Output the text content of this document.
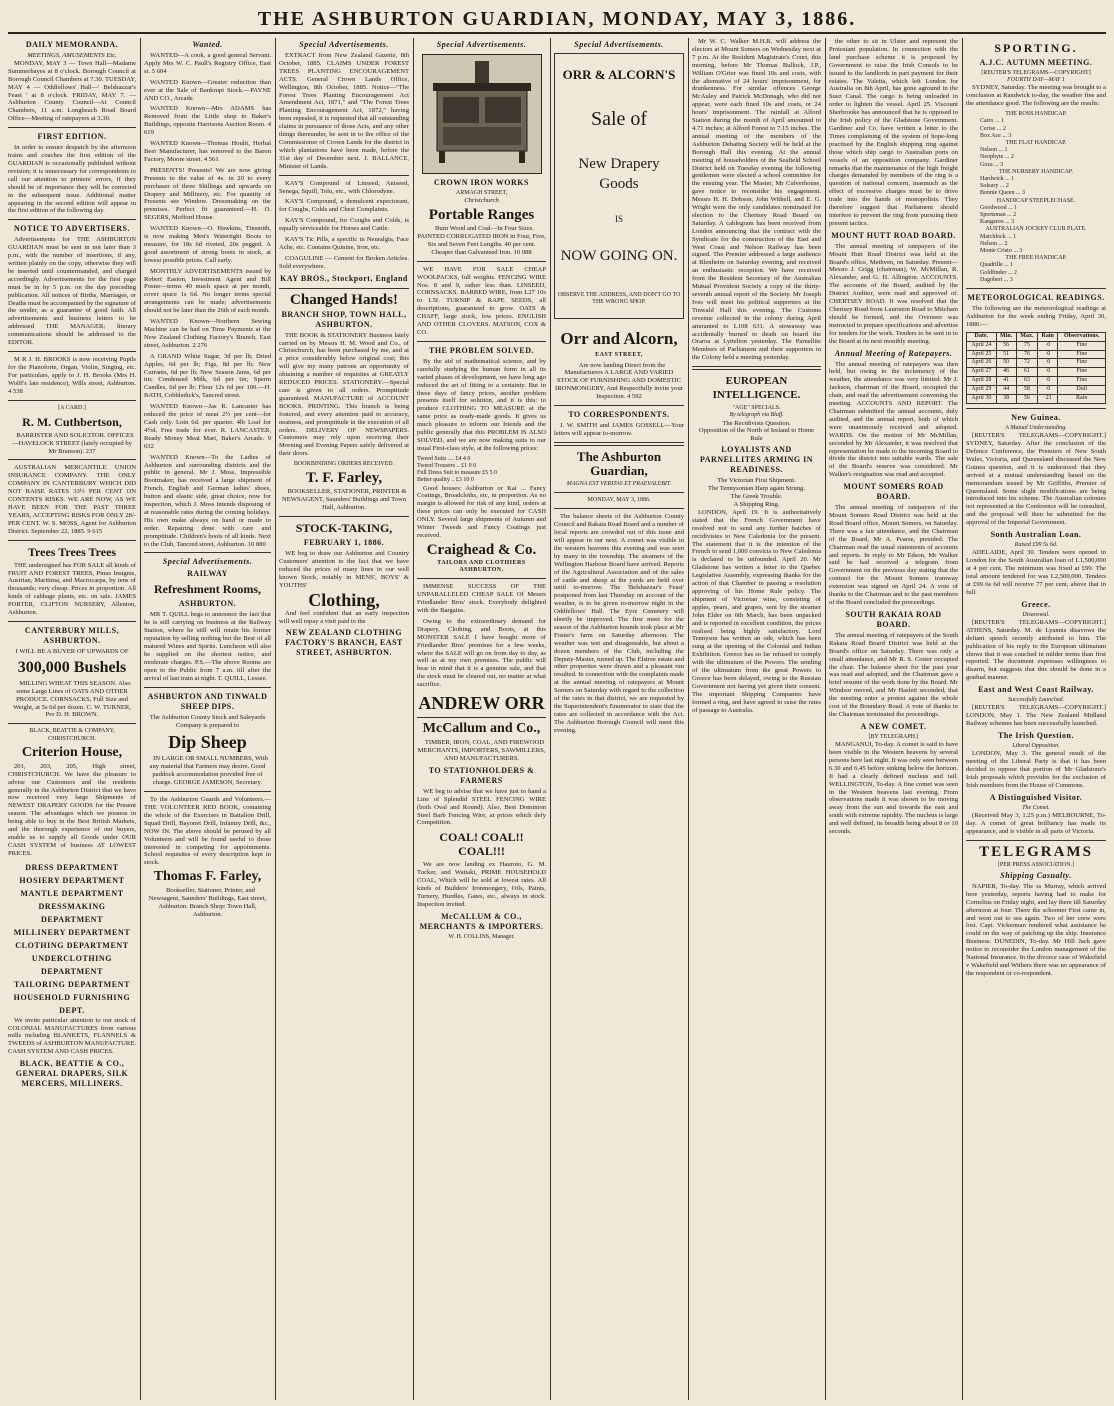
THE ASHBURTON GUARDIAN, MONDAY, MAY 3, 1886.
DAILY MEMORANDA.
MEETINGS, AMUSEMENTS Etc.
MONDAY, MAY 3 — Town Hall—Madame Summerhayes at 8 o'clock. Borough Council at Borough Council Chambers at 7.30. TUESDAY, MAY 4 — Oddfellows' Hall—' Belshazzar's Feast ' at 8 o'clock. FRIDAY, MAY 7. — Ashburton County Council—At Council Chambers, 11 a.m. Longbeach Road Board Office—Meeting of ratepayers at 3.30.
FIRST EDITION.
In order to ensure despatch by the afternoon trains and coaches the first edition of the GUARDIAN is occasionally published without revision; it is unnecessary for correspondents to call our attention to printers' errors, if they should be of importance they will be corrected in the subsequent issue. Additional matter appearing in the second edition will appear in the first edition of the following day.
NOTICE TO ADVERTISERS.
Advertisements for THE ASHBURTON GUARDIAN must be sent in not later than 3 p.m., with the number of insertions, if any, written plainly on the copy, otherwise they will be inserted until countermanded, and charged accordingly. Advertisements for the first page must be in by 5 p.m. on the day preceding publication. All notices of Births, Marriages, or Deaths must be accompanied by the signature of the sender, as a guarantee of good faith. All advertisements and business letters to be addressed THE MANAGER; literary communications should be addressed to the EDITOR.
M R J. H. BROOKS is now receiving Pupils for the Pianoforte, Organ, Violin, Singing, etc. For particulars, apply to J. H. Brooks (Mrs H. Wolff's late residence), Wills street, Ashburton. 4 538
[A CARD.]
R. M. Cuthbertson,
BARRISTER AND SOLICITOR. OFFICES—HAVELOCK STREET (lately occupied by Mr Branson). 237
AUSTRALIAN MERCANTILE UNION INSURANCE COMPANY. THE ONLY COMPANY IN CANTERBURY WHICH DID NOT RAISE RATES 33½ PER CENT ON CONTENTS RISKS. WE ARE NOW, AS WE HAVE BEEN FOR THE PAST THREE YEARS, ACCEPTING RISKS FOR ONLY 28/- PER CENT. W. S. MOSS, Agent for Ashburton District. September 22, 1885. 9 615
Trees Trees Trees
THE undersigned has FOR SALE all kinds of FRUIT AND FOREST TREES, Pinus Insignis, Austrian, Maritima, and Macrocarpa, by tens of thousands; very cheap. Prices in proportion. All kinds of cabbage plants, etc. on sale. JAMES PORTER, CLIFTON NURSERY, Allenton, Ashburton.
CANTERBURY MILLS, ASHBURTON.
I WILL BE A BUYER OF UPWARDS OF
300,000 Bushels
MILLING WHEAT THIS SEASON. Also some Large Lines of OATS AND OTHER PRODUCE. CORNSACKS, Full Size and Weight, at 5s 6d per dozen. C. W. TURNER, Per D. H. BROWN.
BLACK, BEATTIE & COMPANY, CHRISTCHURCH.
Criterion House,
201, 203, 205, High street, CHRISTCHURCH. We have the pleasure to advise our Customers and the residents generally in the Ashburton District that we have now received very large Shipments of NEWEST DRAPERY GOODS for the Present season. The advantages which we possess in being able to buy in the Best British Markets, and the thorough experience of our buyers, enable us to supply all Goods under OUR CASH SYSTEM of business AT LOWEST PRICES.
DRESS DEPARTMENT
HOSIERY DEPARTMENT
MANTLE DEPARTMENT
DRESSMAKING DEPARTMENT
MILLINERY DEPARTMENT
CLOTHING DEPARTMENT
UNDERCLOTHING DEPARTMENT
TAILORING DEPARTMENT
HOUSEHOLD FURNISHING DEPT.
We invite particular attention to our stock of COLONIAL MANUFACTURES from various mills including BLANKETS, FLANNELS & TWEEDS of ASHBURTON MANUFACTURE. CASH SYSTEM AND CASH PRICES.
BLACK, BEATTIE & CO., GENERAL DRAPERS, SILK MERCERS, MILLINERS.
Wanted.
WANTED—A cook, a good general Servant. Apply Mrs W. C. Paull's Registry Office, East st. 5 604
WANTED Known—Greater reduction than ever at the Sale of Bankrupt Stock.—PAYNE AND CO., Arcade.
WANTED Known—Mrs ADAMS has Removed from the Little shop to Baker's Buildings, opposite Harrisons Auction Room. 4 619
WANTED Known—Thomas Houlit, Herbal Beer Manufacturer, has removed to the Baron Factory, Moore street. 4 561
PRESENTS! Presents! We are now giving Presents to the value of 4s. in 20 to every purchaser of three Shillings and upwards on Drapery and Millinery, etc. For quantity of Presents see Window. Dressmaking on the premises. Perfect fit guaranteed.—H. O. SEGERS, Mofford House.
WANTED Known—O. Hawkins, Tinsmith, is now making Men's Watertight Boots to measure, for 18s 6d riveted, 20s pegged. A good assortment of strong boots in stock, at lowest possible prices. Call early.
MONTHLY ADVERTISEMENTS issued by Robert Easton, Investment Agent and Bill Poster—terms 40 much space at per month, cover space 1s 6d. No longer terms special arrangements can be made; advertisements should not be later than the 26th of each month.
WANTED Known—Northern Sewing Machine can be had on Time Payments at the New Zealand Clothing Factory's Branch, East street, Ashburton. 2 276
A GRAND White Sugar, 3d per lb; Dried Apples, 6d per lb; Figs, 8d per lb; New Currants, 6d per lb; New Season Jams, 6d per tin; Condensed Milk, 6d per tin; Sperm Candles, 6d per lb; Flour 12s 6d per 100.—H. BATH, Cobbledick's, Tancred street.
WANTED Known—Jas R. Lancaster has reduced the price of meat 2½ per cent—for Cash only. Loin 6d. per quarter. 4lb Loaf for 4½d. Free trade for ever. R. LANCASTER, Ready Money Meat Mart, Baker's Arcade. 9 632
WANTED Known—To the Ladies of Ashburton and surrounding districts and the public in general. Mr J. Moss, Impressible Bootmaker, has received a large shipment of French, English and German ladies' shoes, button and elastic side, great choice, now for inspection, which J. Moss intends disposing of at reasonable rates during the coming holidays. His own make always on hand or made to order. Repairing done with care and promptitude. Children's boots of all kinds. Next to the Club, Tancred street, Ashburton. 10 880
Special Advertisements.
RAILWAY
Refreshment Rooms,
ASHBURTON.
MR T. QUILL begs to announce the fact that he is still carrying on business at the Railway Station, where he still will retain his former reputation by selling nothing but the Best of all matured Wines and Spirits. Luncheon will also be supplied on the shortest notice, and moderate charges. P.S.—The above Rooms are open to the Public from 7 a.m. till after the arrival of last train at night. T. QUILL, Lessee.
ASHBURTON AND TINWALD SHEEP DIPS.
The Ashburton County Stock and Saleyards Company is prepared to
Dip Sheep
IN LARGE OR SMALL NUMBERS, With any material that Farmers may desire. Good paddock accommodation provided free of charge. GEORGE JAMESON, Secretary.
To the Ashburton Guards and Volunteers.—THE VOLUNTEER RED BOOK, containing the whole of the Exercises in Battalion Drill, Squad Drill, Bayonet Drill, Infantry Drill, &c., NOW IN. The above should be perused by all Volunteers and will be found useful to those interested in competing for appointments. School requisites of every description kept in stock.
Thomas F. Farley,
Bookseller, Stationer, Printer, and Newsagent, Saunders' Buildings, East street, Ashburton. Branch Shop: Town Hall, Ashburton.
Special Advertisements.
EXTRACT from New Zealand Gazette, 8th October, 1885. CLAIMS UNDER FOREST TREES PLANTING ENCOURAGEMENT ACTS. General Crown Lands Office, Wellington, 8th October, 1885. Notice—"The Forest Trees Planting Encouragement Act Amendment Act, 1871," and "The Forest Trees Planting Encouragement Act, 1872," having been repealed, it is requested that all outstanding claims in pursuance of those Acts, and any other things thereunder, be sent in to the office of the Commissioner of Crown Lands for the district in which plantations have been made, before the 31st day of December next. J. BALLANCE, Minister of Lands.
KAY'S Compound of Linseed, Aniseed, Senega, Squill, Tolu, etc., with Chlorodyne.
KAY'S Compound, a demulcent expectorant, for Coughs, Colds and Chest Complaints.
KAY'S Compound, for Coughs and Colds, is equally serviceable for Horses and Cattle.
KAY'S Tic Pills, a specific in Neuralgia, Face Ache, etc. Contains Quinine, Iron, etc.
COAGULINE — Cement for Broken Articles. Sold everywhere.
KAY BROS., Stockport, England
Changed Hands!
BRANCH SHOP, TOWN HALL, ASHBURTON.
THE BOOK & STATIONERY Business lately carried on by Messrs H. M. Wood and Co., of Christchurch, has been purchased by me, and at a price considerably below original cost; this will give my many patrons an opportunity of obtaining a number of requisites at GREATLY REDUCED PRICES. STATIONERY.—Special care is given to all orders. Promptitude guaranteed. MANUFACTURE of ACCOUNT BOOKS. PRINTING. This branch is being fostered, and every attention paid to accuracy, neatness, and promptitude in the execution of all orders. DELIVERY OF NEWSPAPERS. Customers may rely upon receiving their Morning and Evening Papers safely delivered at their doors.
BOOKBINDING ORDERS RECEIVED.
T. F. Farley,
BOOKSELLER, STATIONER, PRINTER & NEWSAGENT, Saunders' Buildings and Town Hall, Ashburton.
STOCK-TAKING,
FEBRUARY 1, 1886.
WE beg to draw our Ashburton and Country Customers' attention to the fact that we have reduced the prices of many lines in our well known Stock, notably in MENS', BOYS' & YOUTHS'
Clothing,
And feel confident that an early inspection will well repay a visit paid to the
NEW ZEALAND CLOTHING FACTORY'S BRANCH, EAST STREET, ASHBURTON.
Special Advertisements.
CROWN IRON WORKS
ARMAGH STREET,
Christchurch
Portable Ranges
Burn Wood and Coal—In Four Sizes. PAINTED CORRUGATED IRON in Four, Five, Six and Seven Feet Lengths. 40 per cent. Cheaper than Galvanised Iron. 10 988
WE HAVE FOR SALE CHEAP WOOLPACKS, full weights. FENCING WIRE Nos. 8 and 9, rather less than. LINSEED, CORNSACKS. BARBED WIRE, from L27 10s to L5f. TURNIP & RAPE SEEDS, all descriptions, guaranteed to grow. OATS & CHAFF, large stock, low prices. ENGLISH AND OTHER CLOVERS. MATSON, COX & CO.
THE PROBLEM SOLVED.
By the aid of mathematical science, and by carefully studying the human form in all its varied phases of development, we have long ago reduced the art of fitting to a certainty. But in these days of fancy prices, another problem presents itself for solution, and it is this: to produce CLOTHING TO MEASURE at the same price as ready-made goods. It gives us much pleasure to inform our friends and the public generally that this PROBLEM IS ALSO SOLVED, and we are now making suits to our usual First-class style, at the following prices:
Tweed Suits .... £4 4 0
Tweed Trousers .. £1 0 0
Full Dress Suit to measure £5 5 0
Better quality .. £3 10 0
Good houses: Ashburton or Kai ... Fancy Coatings, Broadcloths, etc, in proportion. As no margin is allowed for risk of any kind, orders at these prices can only be executed for CASH ONLY. Several large shipments of Autumn and Winter Tweeds and Fancy Coatings just received.
Craighead & Co.
TAILORS AND CLOTHIERS ASHBURTON.
IMMENSE SUCCESS OF THE UNPARALLELED CHEAP SALE Of Messrs Friedlander Bros' stock. Everybody delighted with the Bargains.
Owing to the extraordinary demand for Drapery, Clothing, and Boots, at this MONSTER SALE I have bought more of Friedlander Bros' premises for a few weeks, where the SALE will go on from day to day, as well as at my own premises. The public will bear in mind that it is a genuine sale, and that the stock must be cleared out, no matter at what sacrifice.
ANDREW ORR
McCallum and Co.,
TIMBER, IRON, COAL, AND FIREWOOD MERCHANTS, IMPORTERS, SAWMILLERS, AND MANUFACTURERS.
TO STATIONHOLDERS & FARMERS
WE beg to advise that we have just to hand a Line of Splendid STEEL FENCING WIRE (both Oval and Round). Also, Best Dominion Steel Barb Fencing Wire, at prices which defy Competition.
COAL! COAL!! COAL!!!
We are now landing ex Hauroto, G. M. Tucker, and Waitaki, PRIME HOUSEHOLD COAL, Which will be sold at lowest rates. All kinds of Builders' Ironmongery, Oils, Paints, Turnery, Hurdles, Gates, etc., always in stock. Inspection invited.
McCALLUM & CO., MERCHANTS & IMPORTERS.
W. H. COLLINS, Manager.
Special Advertisements.
ORR & ALCORN'S
Sale of
New Drapery Goods
IS
NOW GOING ON.
OBSERVE THE ADDRESS, AND DON'T GO TO THE WRONG SHOP.
Orr and Alcorn,
EAST STREET,
Are now landing Direct from the Manufacturers A LARGE AND VARIED STOCK OF FURNISHING AND DOMESTIC IRONMONGERY, And Respectfully invite your Inspection. 4 592
TO CORRESPONDENTS.
J. W. SMITH and JAMES GOSSELL—Your letters will appear to-morrow.
The Ashburton Guardian,
MAGNA EST VERITAS ET PRAEVALEBIT.
MONDAY, MAY 3, 1886.
The balance sheets of the Ashburton County Council and Rakaia Road Board and a number of local reports are crowded out of this issue and will appear in our next. A comet was visible in the western heavens this evening and was seen by many in the township. The steamers of the Wellington Harbour Board have arrived. Reports of the Agricultural Association and of the sales of cattle and sheep at the yards are held over until to-morrow. The 'Belshazzar's Feast' postponed from last Thursday on account of the weather, is to be given to-morrow night in the Oddfellows' Hall. The Eyre Cemetery will shortly be improved. The first meet for the season of the Ashburton hounds took place at Mr Foster's farm on Saturday afternoon. The weather was wet and disagreeable, but about a dozen members of the Club, including the Deputy-Master, turned up. The Elstree estate and other properties were drawn and a pleasant run resulted. In connection with the complaints made at the annual meeting of ratepayers at Mount Somers on Saturday with regard to the collection of the rates in that district, we are requested by the Superintendent's Enumerator to state that the rates are collected in accordance with the Act. The Ashburton Borough Council will meet this evening.
Mr W. C. Walker M.H.R. will address the electors at Mount Somers on Wednesday next at 7 p.m. At the Resident Magistrate's Court, this morning, before Mr Thomas Bullock, J.P., William O'Grier was fined 10s and costs, with the alternative of 24 hours' imprisonment, for drunkenness. For similar offences George McAuley and Patrick McDonagh, who did not appear, were each fined 10s and costs, or 24 hours' imprisonment. The rainfall at Alford Station during the month of April amounted to 4.71 inches; at Alford Forest to 7.15 inches. The annual meeting of the members of the Ashburton Debating Society will be held at the Borough Hall this evening. At the annual meeting of householders of the Seafield School District held on Tuesday evening the following gentlemen were elected a school committee for the ensuing year. The Master, Mr Culverhouse, gave notice to reconsider his engagement. Messrs H. H. Dobson, John Withell, and E. G. Wright were the only candidates nominated for election to the Chertsey Road Board on Saturday. A cablegram has been received from London announcing that the contract with the Syndicate for the construction of the East and West Coast and Nelson Railway has been signed. The Premier addressed a large audience at Blenheim on Saturday evening, and received an enthusiastic reception. We have received from the Resident Secretary of the Australian Mutual Provident Society a copy of the thirty-seventh annual report of the Society. Mr Joseph Ives will meet his political supporters at the Tinwald Hall this evening. The Customs revenue collected in the colony during April amounted to L108 631. A stowaway was accidentally burned to death on board the Oraroa at Lyttelton yesterday. The Parnellite Members of Parliament and their supporters in the Colony held a meeting yesterday.
EUROPEAN INTELLIGENCE.
"AGE" SPECIALS.
By telegraph via Bluff.
The Recidivists Question.
Opposition of the North of Ireland to Home Rule
LOYALISTS AND PARNELLITES ARMING IN READINESS.
The Victorian First Shipment.
The Tennysonian Harp again Strung.
The Greek Trouble.
A Shipping Ring.
LONDON, April 19. It is authoritatively stated that the French Government have resolved not to send any further batches of recidivistes to New Caledonia for the present. The statement that it is the intention of the French to send 1,000 convicts to New Caledonia is declared to be unfounded. April 20. Mr Gladstone has written a letter to the Quebec Legislative Assembly, expressing thanks for the action of that Chamber in passing a resolution approving of his Home Rule policy. The shipment of Victorian wine, consisting of apples, pears, and grapes, sent by the steamer John Elder on 6th March, has been unpacked and is reported in excellent condition, the prices realised being highly satisfactory. Lord Tennyson has written an ode, which has been sung at the opening of the Colonial and Indian Exhibition. Greece has so far refused to comply with the ultimatum of the Powers. The sending of the ultimatum from the great Powers to Greece has been delayed, owing to the Russian Government not having yet given their consent. The important Shipping Companies have formed a ring, and have agreed to raise the rates of passage to Australia.
the other to sit in Ulster and represent the Protestant population. In connection with the land purchase scheme it is proposed by Government to raise the Irish Consols to be issued to the landlords in part payment for their estates. The Valetta, which left London for Australia on 8th April, has gone aground in the Suez Canal. The cargo is being unloaded in order to lighten the vessel. April 25. Viscount Sherbrooke has announced that he is opposed to the Irish policy of the Gladstone Government. Gardiner and Co. have written a letter to the Times complaining of the system of hope-long practised by the English shipping ring against those which ship cargo to Australian ports on vessels of an opposition company. Gardiner remarks that the maintenance of the high freight charges demanded by members of the ring is a question of national concern, inasmuch as the effect of excessive charges must be to drive trade into the hands of monopolists. They therefore suggest that Parliament should interfere to prevent the ring from pursuing their present tactics.
MOUNT HUTT ROAD BOARD.
The annual meeting of ratepayers of the Mount Hutt Road District was held at the Board's office, Methven, on Saturday. Present—Messrs J. Grigg (chairman), W. McMillan, R. Alexander, and G. H. Allington. ACCOUNTS. The accounts of the Board, audited by the District Auditor, were read and approved of. CHERTSEY ROAD. It was resolved that the Chertsey Road from Lauriston Road to Mitcham should be formed, and the Overseer was instructed to prepare specifications and advertise for tenders for the work. Tenders to be sent in to the Board at its next monthly meeting.
Annual Meeting of Ratepayers.
The annual meeting of ratepayers was then held, but owing to the inclemency of the weather, the attendance was very limited. Mr J. Jackson, chairman of the Board, occupied the chair, and read the advertisement convening the meeting. ACCOUNTS AND REPORT. The Chairman submitted the annual accounts, duly audited, and the annual report, both of which were unanimously received and adopted. WARDS. On the motion of Mr McMillan, seconded by Mr Alexander, it was resolved that representation be made to the incoming Board to divide the district into suitable wards. The sale of the Board's reserve was considered. Mr Walker's resignation was read and accepted.
MOUNT SOMERS ROAD BOARD.
The annual meeting of ratepayers of the Mount Somers Road District was held at the Road Board office, Mount Somers, on Saturday. There was a fair attendance, and the Chairman of the Board, Mr A. Pearse, presided. The Chairman read the usual statements of accounts and reports. In reply to Mr Edson, Mr Walker said he had received a telegram from Government on the previous day stating that the contract for the Mount Somers tramway extension was signed on April 24. A vote of thanks to the Chairman and to the past members of the Board concluded the proceedings.
SOUTH RAKAIA ROAD BOARD.
The annual meeting of ratepayers of the South Rakaia Road Board District was held at the Board's office on Saturday. There was only a small attendance, and Mr R. S. Coster occupied the chair. The balance sheet for the past year was read and adopted, and the Chairman gave a brief resume of the work done by the Board. Mr Windsor moved, and Mr Haslett seconded, that the meeting enter a protest against the whole cost of the Boundary Road. A vote of thanks to the Chairman terminated the proceedings.
A NEW COMET.
[BY TELEGRAPH.]
MANGANUI, To-day. A comet is said to have been visible in the Western heavens by several persons here last night. It was only seen between 6.30 and 6.45 before sinking below the horizon. It had a clearly defined nucleus and tail. WELLINGTON, To-day. A fine comet was seen in the Western heavens last evening. From observations made it was shown to be moving away from the sun and towards the east and south with extreme rapidity. The nucleus is large and well defined, its breadth being about 8 or 10 seconds.
SPORTING.
A.J.C. AUTUMN MEETING.
[REUTER'S TELEGRAMS—COPYRIGHT]
FOURTH DAY—MAY 1
SYDNEY, Saturday. The meeting was brought to a conclusion at Randwick to-day, the weather fine and the attendance good. The following are the results:
THE ROSS HANDICAP.
Cairo ... 1
Cerise ... 2
Box Ace ... 3
THE FLAT HANDICAP.
Nelson ... 1
Neophyte ... 2
Goza ... 3
THE NURSERY HANDICAP.
Hardwick ... 1
Soleary ... 2
Bonnie Queen ... 3
HANDICAP STEEPLECHASE.
Goodwood ... 1
Sportsman ... 2
Kangaroo ... 3
AUSTRALIAN JOCKEY CLUB PLATE.
Matchlock ... 1
Nelson ... 2
Monte Cristo ... 3
THE FREE HANDICAP.
Quadrille ... 1
Goldfinder ... 2
Dagobert ... 3
METEOROLOGICAL READINGS.
The following are the meteorological readings at Ashburton for the week ending Friday, April 30, 1886:—
Date.	Min.	Max.	Rain	Observations.
April 24	56	75	·0	Fine
April 25	51	76	·0	Fine
April 26	50	72	·0	Fine
April 27	46	61	·0	Fine
April 28	41	63	·0	Fine
April 29	44	58	·0	Dull
April 30	38	56	·21	Rain
New Guinea.
A Mutual Understanding.
[REUTER'S TELEGRAMS—COPYRIGHT.] SYDNEY, Saturday. After the conclusion of the Defence Conference, the Premiers of New South Wales, Victoria, and Queensland discussed the New Guinea question, and it is understood that they arrived at a mutual understanding based on the memorandum issued by Mr Griffiths, Premier of Queensland. Some slight modifications are being introduced into his scheme. The Australian colonies not represented at the Conference will be consulted, and the proposal will then be submitted for the approval of the Imperial Government.
Sonth Australian Loan.
Raised £99 5s 6d.
ADELAIDE, April 30. Tenders were opened in London for the South Australian loan of L1,500,000 at 4 per cent. The minimum was fixed at £99. The total amount tendered for was L2,500,000. Tenders at £99 6s 6d will receive 77 per cent, above that in full.
Greece.
Disavowal.
[REUTER'S TELEGRAMS—COPYRIGHT.] ATHENS, Saturday. M. de Lyannis disavows the defiant speech recently attributed to him. The publication of his reply to the European ultimatum shows that it was couched in milder terms than first reported. The document expresses willingness to disarm, but suggests that this should be done in a gradual manner.
East and West Coast Railway.
Successfully Launched.
[REUTER'S TELEGRAMS—COPYRIGHT.] LONDON, May 1. The New Zealand Midland Railway schemes has been successfully launched.
The Irish Question.
Liberal Opposition.
LONDON, May 3. The general result of the meeting of the Liberal Party is that it has been decided to oppose that portion of Mr Gladstone's Irish proposals which provides for the exclusion of Irish members from the House of Commons.
A Distinguished Visitor.
The Comet.
(Received May 3, 1.25 p.m.) MELBOURNE, To-day. A comet of great brilliancy has made its appearance, and is visible in all parts of Victoria.
TELEGRAMS
[PER PRESS ASSOCIATION.]
Shipping Casualty.
NAPIER, To-day. The ss Murray, which arrived here yesterday, reports having had to make for Cornelius on Friday night, and lay there till Saturday afternoon at four. There the schooner First came in, and went out to sea again. Two of her crew were lost. Capt. Vickerman rendered what assistance he could on the way of patching up the ship. Insurance Business. DUNEDIN, To-day. Mr Hill Jack gave notice to reconsider the London management of the National Insurance. In the divorce case of Wakefield v Wakefield and Withers there was no appearance of the respondent or co-respondent.
